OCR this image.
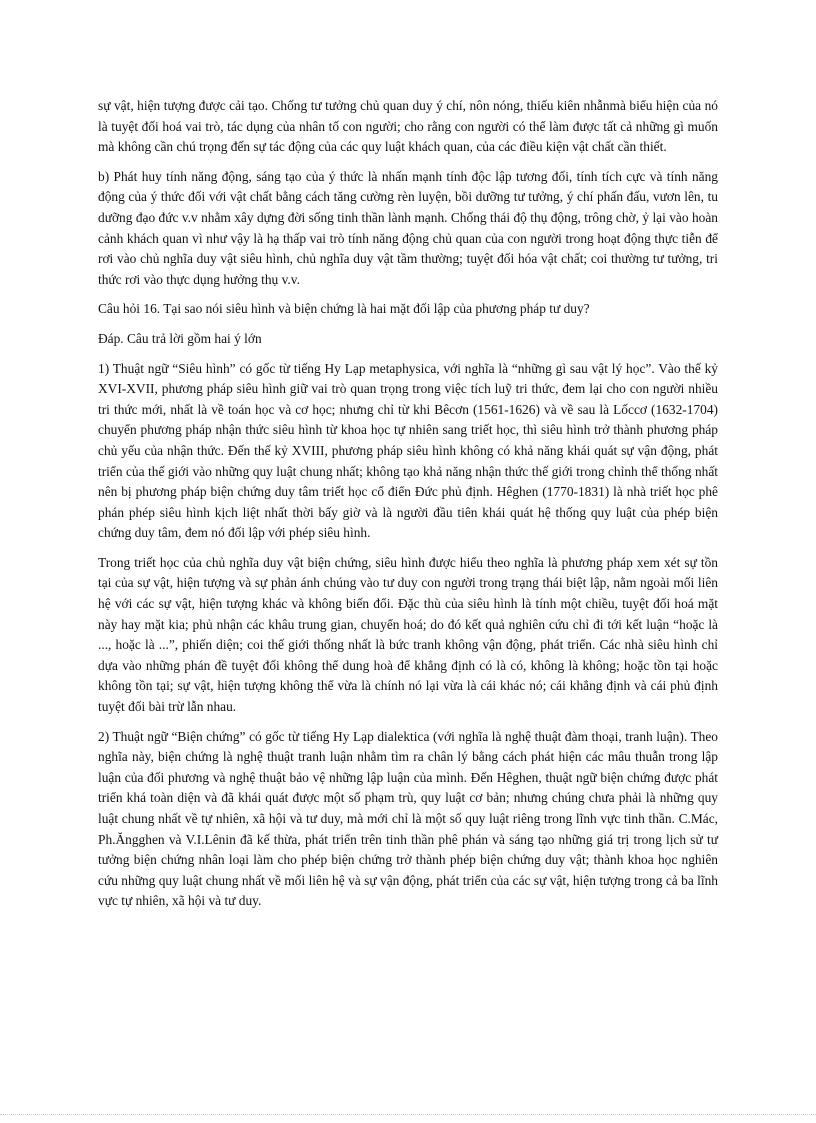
sự vật, hiện tượng được cải tạo. Chống tư tưởng chủ quan duy ý chí, nôn nóng, thiếu kiên nhẫnmà biểu hiện của nó là tuyệt đối hoá vai trò, tác dụng của nhân tố con người; cho rằng con người có thể làm được tất cả những gì muốn mà không cần chú trọng đến sự tác động của các quy luật khách quan, của các điều kiện vật chất cần thiết.

b) Phát huy tính năng động, sáng tạo của ý thức là nhấn mạnh tính độc lập tương đối, tính tích cực và tính năng động của ý thức đối với vật chất bằng cách tăng cường rèn luyện, bồi dưỡng tư tưởng, ý chí phấn đấu, vươn lên, tu dưỡng đạo đức v.v nhằm xây dựng đời sống tinh thần lành mạnh. Chống thái độ thụ động, trông chờ, ỷ lại vào hoàn cảnh khách quan vì như vậy là hạ thấp vai trò tính năng động chủ quan của con người trong hoạt động thực tiễn để rơi vào chủ nghĩa duy vật siêu hình, chủ nghĩa duy vật tầm thường; tuyệt đối hóa vật chất; coi thường tư tưởng, tri thức rơi vào thực dụng hưởng thụ v.v.

Câu hỏi 16. Tại sao nói siêu hình và biện chứng là hai mặt đối lập của phương pháp tư duy?

Đáp. Câu trả lời gồm hai ý lớn

1) Thuật ngữ “Siêu hình” có gốc từ tiếng Hy Lạp metaphysica, với nghĩa là “những gì sau vật lý học”. Vào thế kỷ XVI-XVII, phương pháp siêu hình giữ vai trò quan trọng trong việc tích luỹ tri thức, đem lại cho con người nhiều tri thức mới, nhất là về toán học và cơ học; nhưng chỉ từ khi Bêcơn (1561-1626) và về sau là Lốccơ (1632-1704) chuyển phương pháp nhận thức siêu hình từ khoa học tự nhiên sang triết học, thì siêu hình trở thành phương pháp chủ yếu của nhận thức. Đến thế kỷ XVIII, phương pháp siêu hình không có khả năng khái quát sự vận động, phát triển của thế giới vào những quy luật chung nhất; không tạo khả năng nhận thức thế giới trong chỉnh thể thống nhất nên bị phương pháp biện chứng duy tâm triết học cổ điển Đức phủ định. Hêghen (1770-1831) là nhà triết học phê phán phép siêu hình kịch liệt nhất thời bấy giờ và là người đầu tiên khái quát hệ thống quy luật của phép biện chứng duy tâm, đem nó đối lập với phép siêu hình.

Trong triết học của chủ nghĩa duy vật biện chứng, siêu hình được hiểu theo nghĩa là phương pháp xem xét sự tồn tại của sự vật, hiện tượng và sự phản ánh chúng vào tư duy con người trong trạng thái biệt lập, nằm ngoài mối liên hệ với các sự vật, hiện tượng khác và không biến đổi. Đặc thù của siêu hình là tính một chiều, tuyệt đối hoá mặt này hay mặt kia; phủ nhận các khâu trung gian, chuyển hoá; do đó kết quả nghiên cứu chỉ đi tới kết luận “hoặc là ..., hoặc là ...”, phiến diện; coi thế giới thống nhất là bức tranh không vận động, phát triển. Các nhà siêu hình chỉ dựa vào những phán đề tuyệt đối không thể dung hoà để khẳng định có là có, không là không; hoặc tồn tại hoặc không tồn tại; sự vật, hiện tượng không thể vừa là chính nó lại vừa là cái khác nó; cái khẳng định và cái phủ định tuyệt đối bài trừ lẫn nhau.

2) Thuật ngữ “Biện chứng” có gốc từ tiếng Hy Lạp dialektica (với nghĩa là nghệ thuật đàm thoại, tranh luận). Theo nghĩa này, biện chứng là nghệ thuật tranh luận nhằm tìm ra chân lý bằng cách phát hiện các mâu thuẫn trong lập luận của đối phương và nghệ thuật bảo vệ những lập luận của mình. Đến Hêghen, thuật ngữ biện chứng được phát triển khá toàn diện và đã khái quát được một số phạm trù, quy luật cơ bản; nhưng chúng chưa phải là những quy luật chung nhất về tự nhiên, xã hội và tư duy, mà mới chỉ là một số quy luật riêng trong lĩnh vực tinh thần. C.Mác, Ph.Ăngghen và V.I.Lênin đã kế thừa, phát triển trên tinh thần phê phán và sáng tạo những giá trị trong lịch sử tư tưởng biện chứng nhân loại làm cho phép biện chứng trở thành phép biện chứng duy vật; thành khoa học nghiên cứu những quy luật chung nhất về mối liên hệ và sự vận động, phát triển của các sự vật, hiện tượng trong cả ba lĩnh vực tự nhiên, xã hội và tư duy.
